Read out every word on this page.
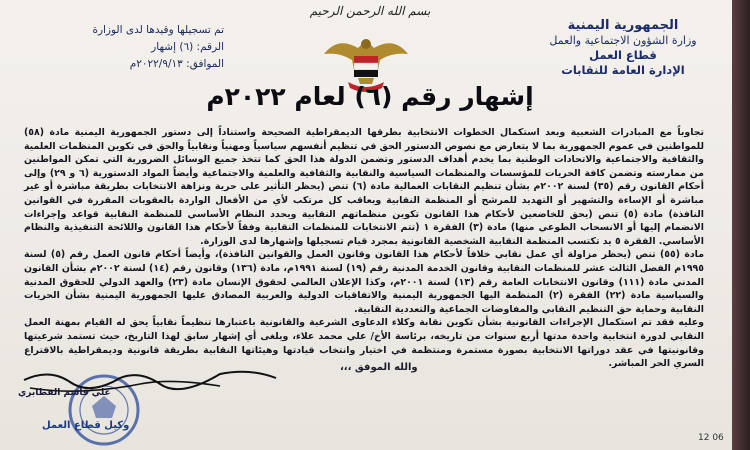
بسم الله الرحمن الرحيم
الجمهورية اليمنية
وزارة الشؤون الاجتماعية والعمل
قطاع العمل
الإدارة العامة للنقابات
تم تسجيلها وقيدها لدى الوزارة
الرقم: (٦) إشهار
الموافق: ٢٠٢٢/٩/١٣م
إشهار رقم (٦) لعام ٢٠٢٢م

تجاوباً مع المبادرات الشعبية وبعد استكمال الخطوات الانتخابية بطرقها الديمقراطية الصحيحة واستناداً إلى دستور الجمهورية اليمنية مادة (٥٨) للمواطنين في عموم الجمهورية بما لا يتعارض مع نصوص الدستور الحق في تنظيم أنفسهم سياسياً ومهنياً ونقابياً والحق في تكوين المنظمات العلمية والثقافية والاجتماعية والاتحادات الوطنية بما يخدم أهداف الدستور وتضمن الدولة هذا الحق كما تتخذ جميع الوسائل الضرورية التي تمكن المواطنين من ممارسته وتضمن كافة الحريات للمؤسسات والمنظمات السياسية والنقابية والثقافية والعلمية والاجتماعية وأيضاً المواد الدستورية (٦ و ٢٩) وإلى أحكام القانون رقم (٣٥) لسنة ٢٠٠٢م بشأن تنظيم النقابات العمالية مادة (٦) تنص (يحظر التأثير على حرية ونزاهة الانتخابات بطريقة مباشرة أو غير مباشرة أو الإساءة والتشهير أو التهديد للمرشح أو المنظمة النقابية ويعاقب كل مرتكب لأي من الأفعال الواردة بالعقوبات المقررة في القوانين النافذة) مادة (٥) تنص (يحق للخاضعين لأحكام هذا القانون تكوين منظماتهم النقابية ويحدد النظام الأساسي للمنظمة النقابية قواعد وإجراءات الانضمام إليها أو الانسحاب الطوعي منها) مادة (٣) الفقرة ١ (تتم الانتخابات للمنظمات النقابية وفقاً لأحكام هذا القانون واللائحة التنفيذية والنظام الأساسي. الفقرة ٥ يد تكتسب المنظمة النقابية الشخصية القانونية بمجرد قيام تسجيلها وإشهارها لدى الوزارة.

مادة (٥٥) تنص (يحظر مزاولة أي عمل نقابي خلافاً لأحكام هذا القانون وقانون العمل والقوانين النافذة)، وأيضاً أحكام قانون العمل رقم (٥) لسنة ١٩٩٥م الفصل الثالث عشر للمنظمات النقابية وقانون الخدمة المدنية رقم (١٩) لسنة ١٩٩١م، مادة (١٣٦) وقانون رقم (١٤) لسنة ٢٠٠٢م بشأن القانون المدني مادة (١١١) وقانون الانتخابات العامة رقم (١٣) لسنة ٢٠٠١م، وكذا الإعلان العالمي لحقوق الإنسان مادة (٢٣) والعهد الدولي للحقوق المدنية والسياسية مادة (٢٢) الفقرة (٢) المنظمة اليها الجمهورية اليمنية والاتفاقيات الدولية والعربية المصادق عليها الجمهورية اليمنية بشأن الحريات النقابية وحماية حق التنظيم النقابي والمفاوضات الجماعية والتعددية النقابية.

وعليه فقد تم استكمال الإجراءات القانونية بشأن تكوين نقابة وكلاء الدعاوى الشرعية والقانونية باعتبارها تنظيماً نقابياً يحق له القيام بمهنة العمل النقابي لدورة انتخابية واحدة مدتها أربع سنوات من تاريخه، برئاسة الأخ/ علي محمد علاء، ويلغى أي إشهار سابق لهذا التاريخ، حيث تستمد شرعيتها وقانونيتها في عقد دوراتها الانتخابية بصورة مستمرة ومنتظمة في اختيار وانتخاب قيادتها وهيئاتها النقابية بطريقة قانونية وديمقراطية بالاقتراع السري الحر المباشر.

والله الموفق ،،،
علي قاسم القطابري
وكيل قطاع العمل
12 06
